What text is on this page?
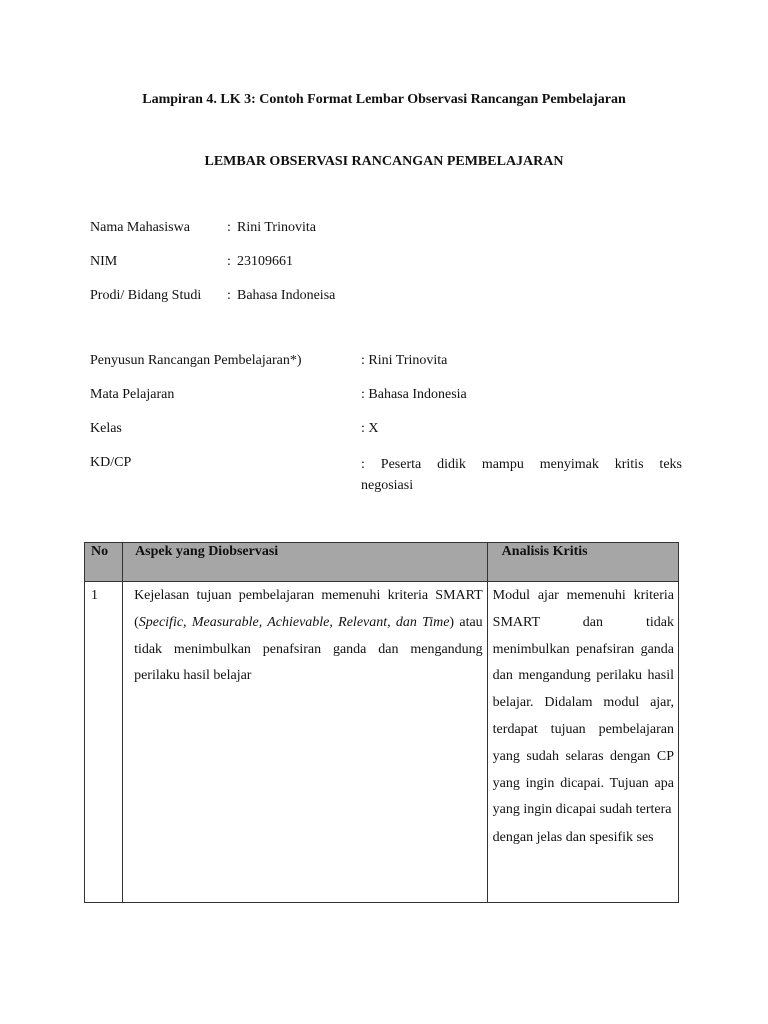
Lampiran 4. LK 3: Contoh Format Lembar Observasi Rancangan Pembelajaran
LEMBAR OBSERVASI RANCANGAN PEMBELAJARAN
Nama Mahasiswa	: Rini Trinovita
NIM	: 23109661
Prodi/ Bidang Studi	: Bahasa Indoneisa
Penyusun Rancangan Pembelajaran*)	: Rini Trinovita
Mata Pelajaran	: Bahasa Indonesia
Kelas	: X
KD/CP	: Peserta didik mampu menyimak kritis teks
negosiasi
No	Aspek yang Diobservasi	Analisis Kritis

1	Kejelasan tujuan pembelajaran memenuhi kriteria SMART (Specific, Measurable, Achievable, Relevant, dan Time) atau tidak menimbulkan penafsiran ganda dan mengandung perilaku hasil belajar	Modul ajar memenuhi kriteria SMART dan tidak menimbulkan penafsiran ganda dan mengandung perilaku hasil belajar. Didalam modul ajar, terdapat tujuan pembelajaran yang sudah selaras dengan CP yang ingin dicapai. Tujuan apa yang ingin dicapai sudah tertera
dengan jelas dan spesifik ses
